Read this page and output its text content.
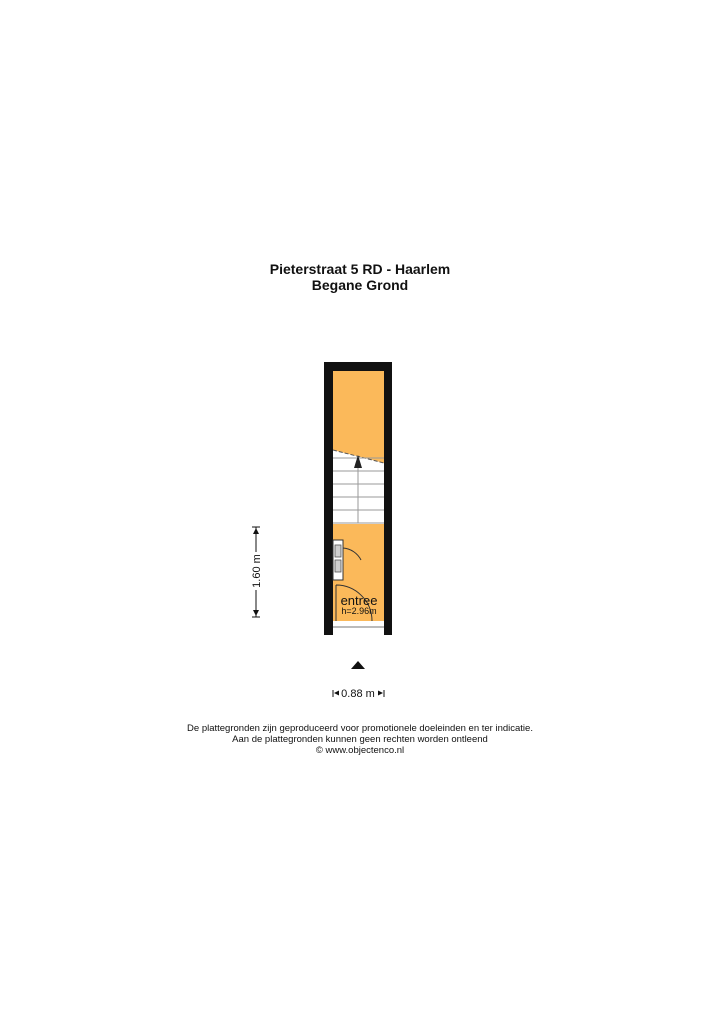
Pieterstraat 5 RD - Haarlem
Begane Grond
entree
h=2.96m
1.60 m
0.88 m
De plattegronden zijn geproduceerd voor promotionele doeleinden en ter indicatie.
Aan de plattegronden kunnen geen rechten worden ontleend
© www.objectenco.nl
